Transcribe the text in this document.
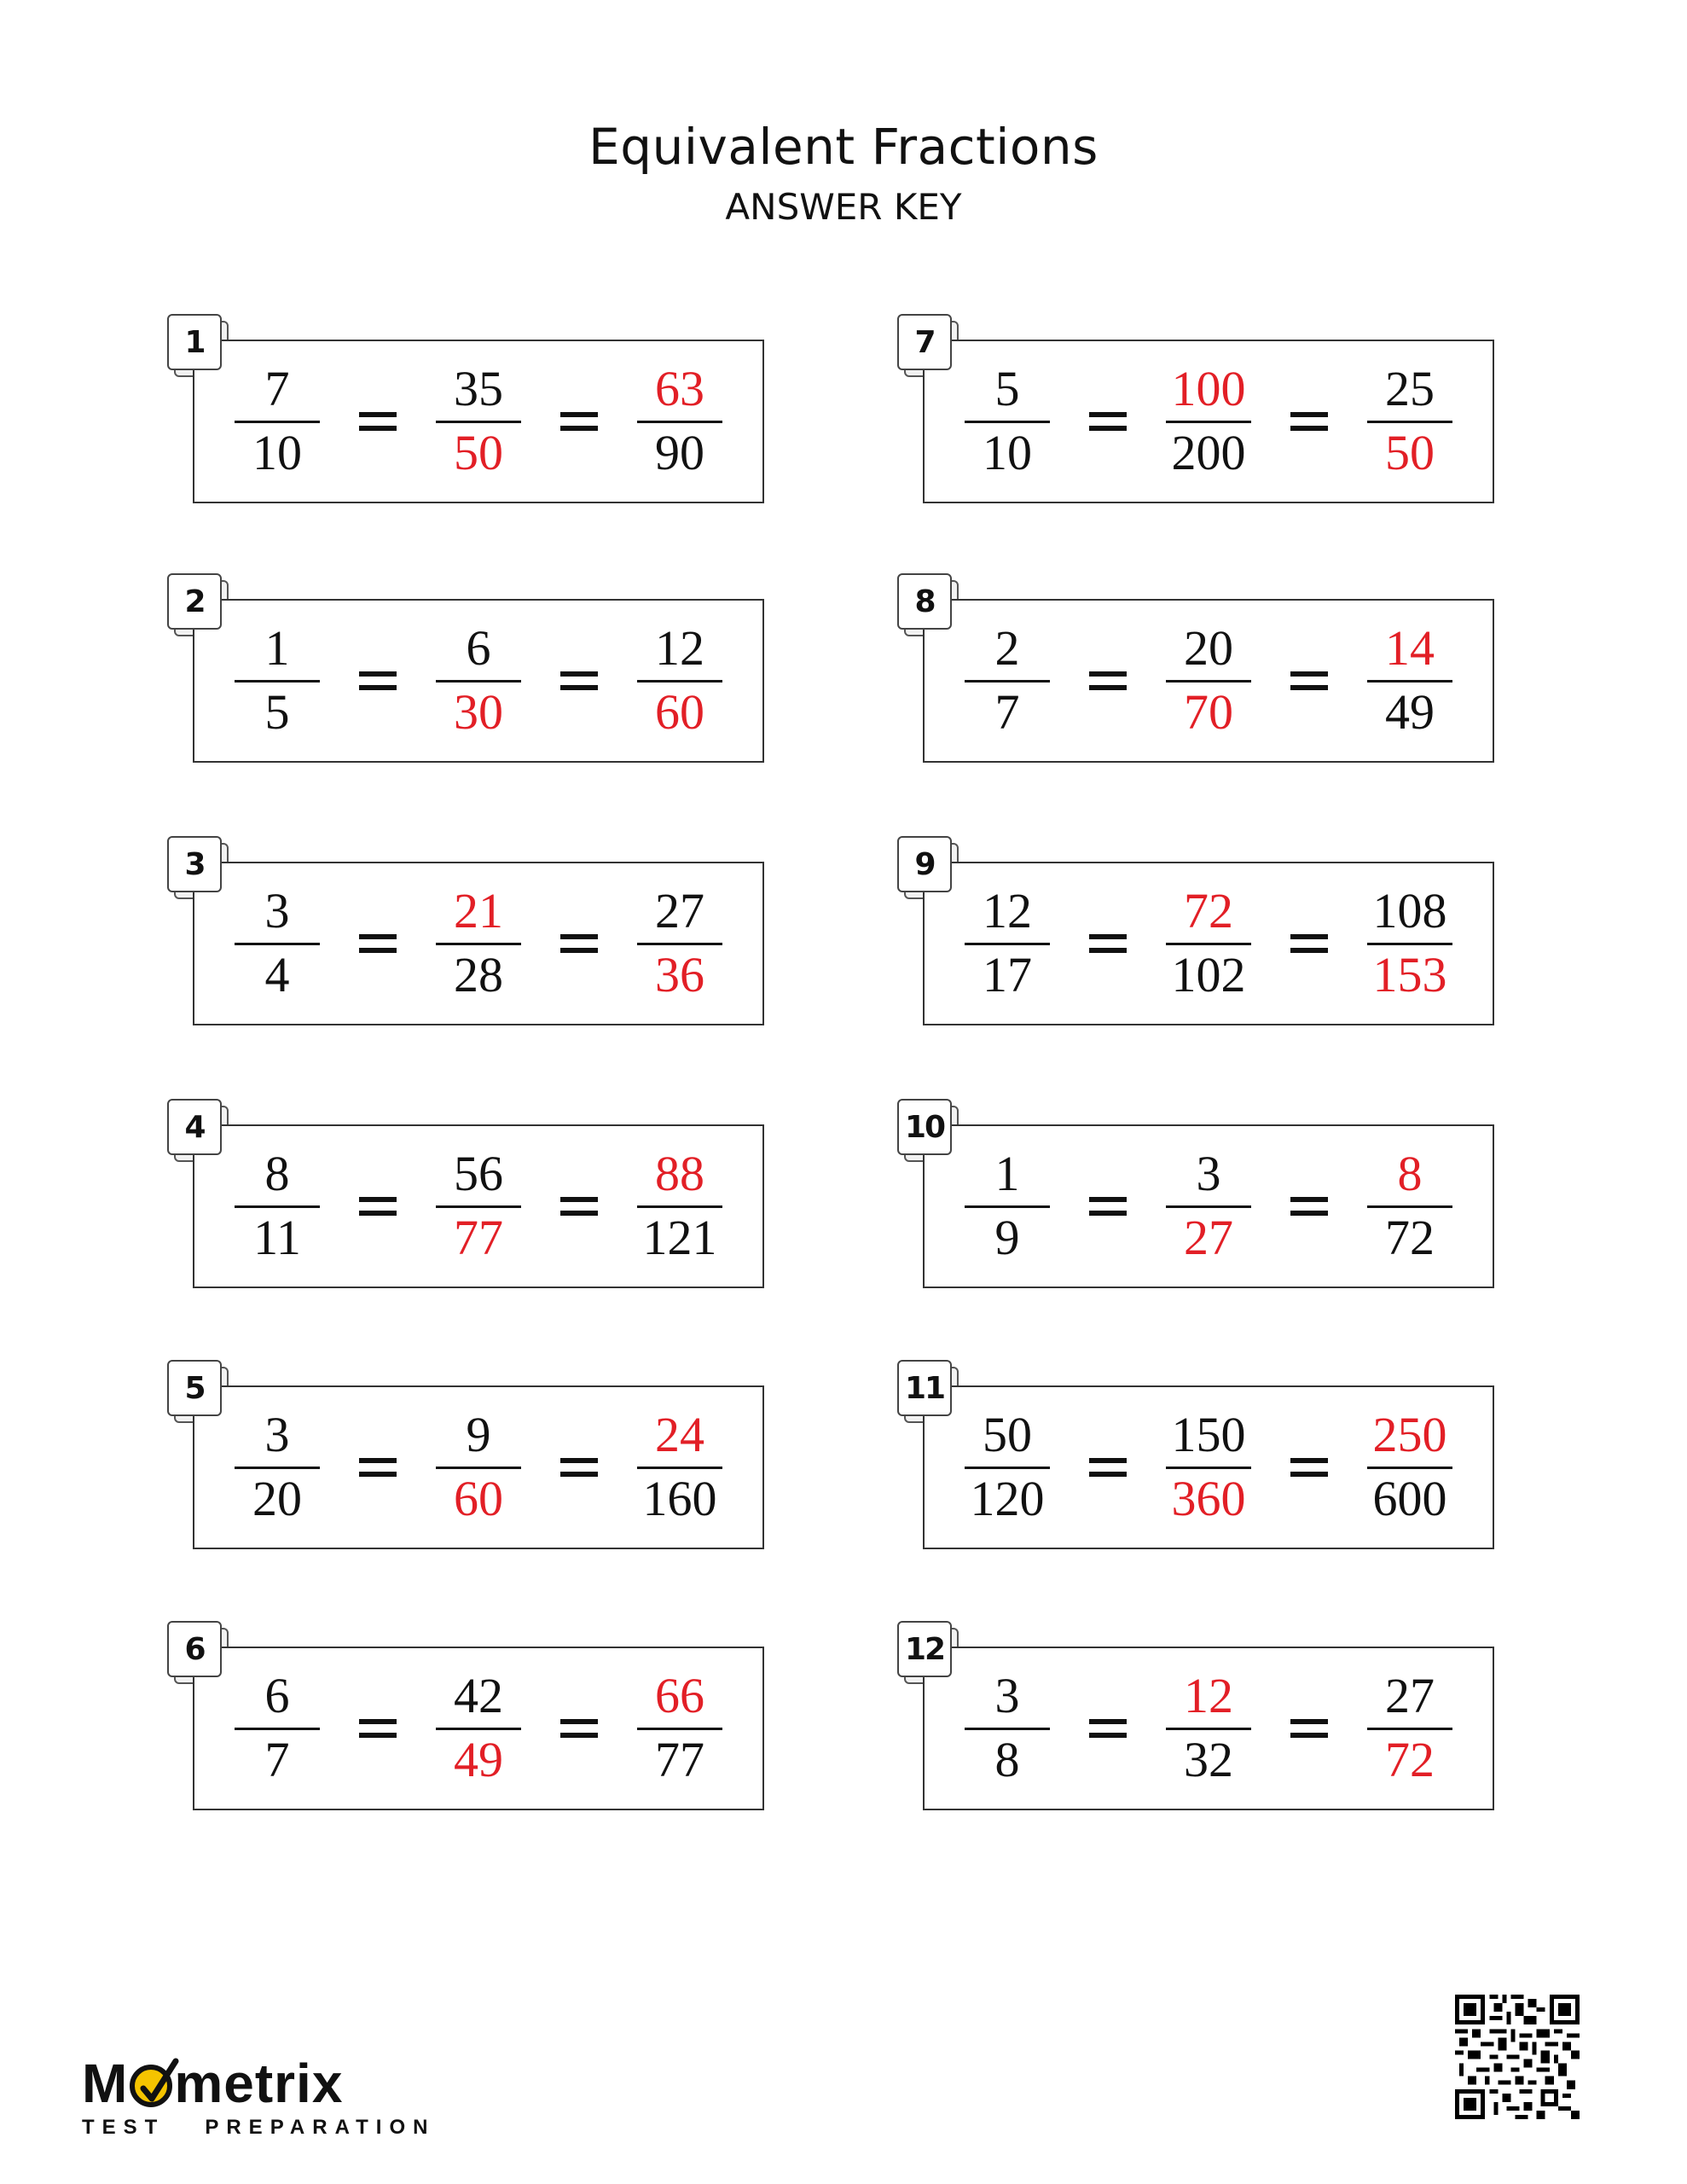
Equivalent Fractions
ANSWER KEY
1
$\frac{7}{10} \frac{35}{50} \frac{63}{90}$
2
$\frac{1}{5} \frac{6}{30} \frac{12}{60}$
3
$\frac{3}{4} \frac{21}{28} \frac{27}{36}$
4
$\frac{8}{11} \frac{56}{77} \frac{88}{121}$
5
$\frac{3}{20} \frac{9}{60} \frac{24}{160}$
6
$\frac{6}{7} \frac{42}{49} \frac{66}{77}$
7
$\frac{5}{10} \frac{100}{200} \frac{25}{50}$
8
$\frac{2}{7} \frac{20}{70} \frac{14}{49}$
9
$\frac{12}{17} \frac{72}{102} \frac{108}{153}$
10
$\frac{1}{9} \frac{3}{27} \frac{8}{72}$
11
$\frac{50}{120} \frac{150}{360} \frac{250}{600}$
12
$\frac{3}{8} \frac{12}{32} \frac{27}{72}$
M metrix
TEST   PREPARATION
